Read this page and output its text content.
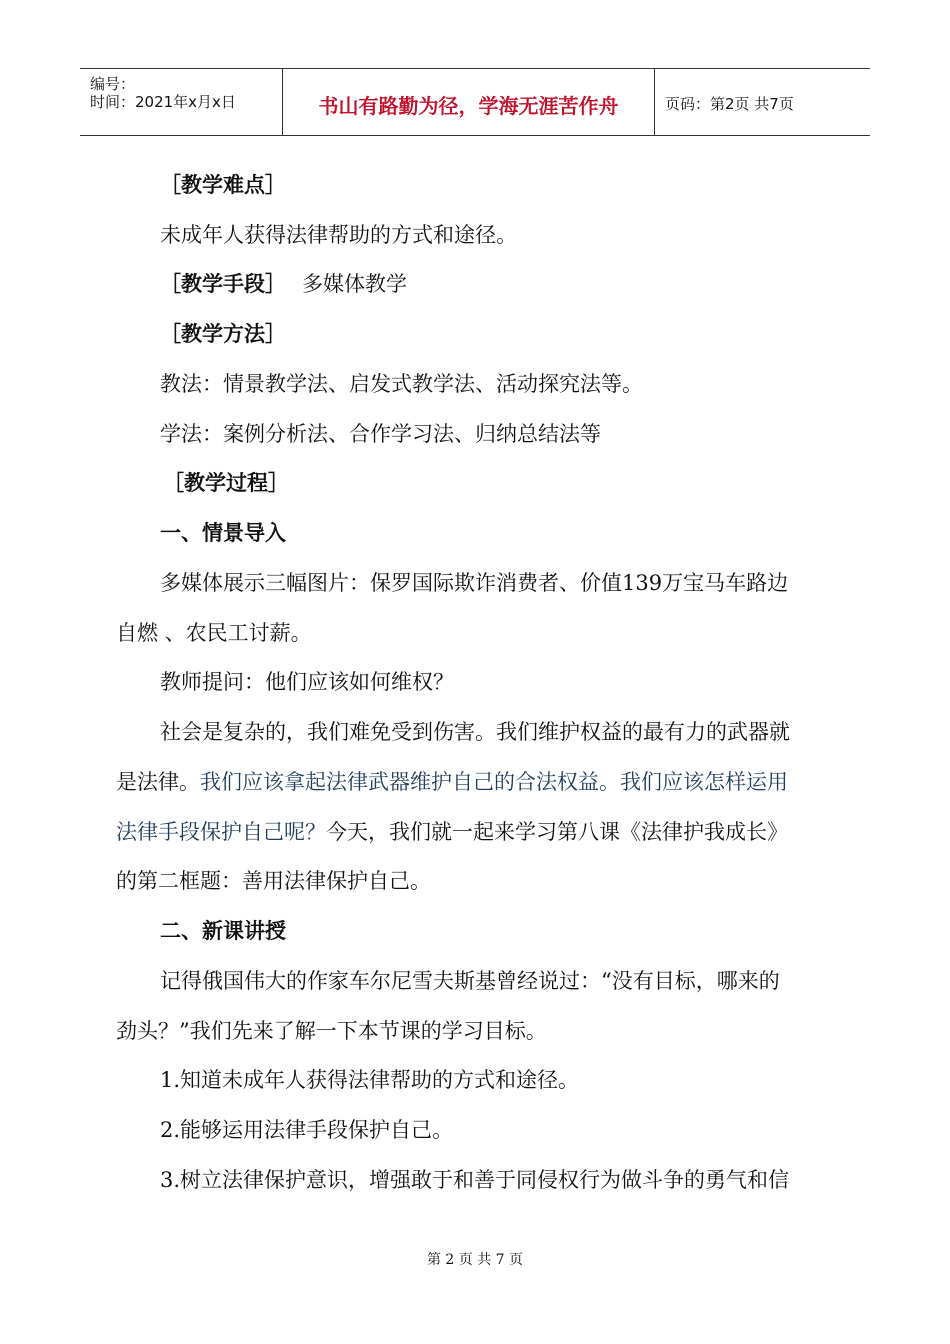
编号：
时间：2021年x月x日	书山有路勤为径，学海无涯苦作舟	页码：第2页 共7页
［教学难点］
未成年人获得法律帮助的方式和途径。
［教学手段］ 多媒体教学
［教学方法］
教法：情景教学法、启发式教学法、活动探究法等。
学法：案例分析法、合作学习法、归纳总结法等
［教学过程］
一、情景导入
多媒体展示三幅图片：保罗国际欺诈消费者、价值139万宝马车路边
自燃 、农民工讨薪。
教师提问：他们应该如何维权？
社会是复杂的，我们难免受到伤害。我们维护权益的最有力的武器就
是法律。我们应该拿起法律武器维护自己的合法权益。我们应该怎样运用
法律手段保护自己呢？今天，我们就一起来学习第八课《法律护我成长》
的第二框题：善用法律保护自己。
二、新课讲授
记得俄国伟大的作家车尔尼雪夫斯基曾经说过：“没有目标，哪来的
劲头？”我们先来了解一下本节课的学习目标。
1.知道未成年人获得法律帮助的方式和途径。
2.能够运用法律手段保护自己。
3.树立法律保护意识，增强敢于和善于同侵权行为做斗争的勇气和信
第 2 页 共 7 页
